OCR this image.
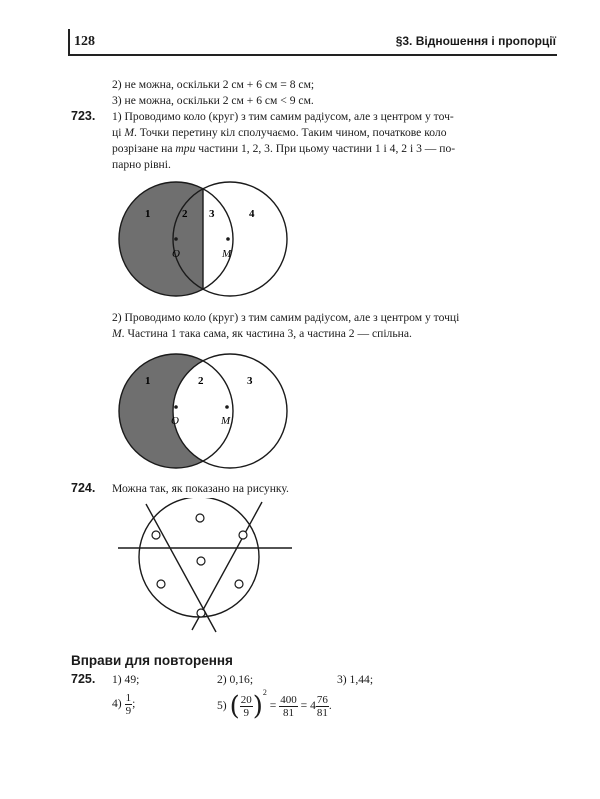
128	§3. Відношення і пропорції
2) не можна, оскільки 2 см + 6 см = 8 см;
3) не можна, оскільки 2 см + 6 см < 9 см.
723. 1) Проводимо коло (круг) з тим самим радіусом, але з центром у точ-
ці M. Точки перетину кіл сполучаємо. Таким чином, початкове коло
розрізане на три частини 1, 2, 3. При цьому частини 1 і 4, 2 і 3 — по-
парно рівні.
1	2 3	4
O	M
2) Проводимо коло (круг) з тим самим радіусом, але з центром у точці
M. Частина 1 така сама, як частина 3, а частина 2 — спільна.
1	2	3
O	M
724. Можна так, як показано на рисунку.
Вправи для повторення
725. 1) 49;	2) 0,16;	3) 1,44;
$4) \frac{1}{9}$ ;	5) ( $\frac{20}{9} )^2 = \frac{400}{81} = 4 \frac{76}{81}$ .
